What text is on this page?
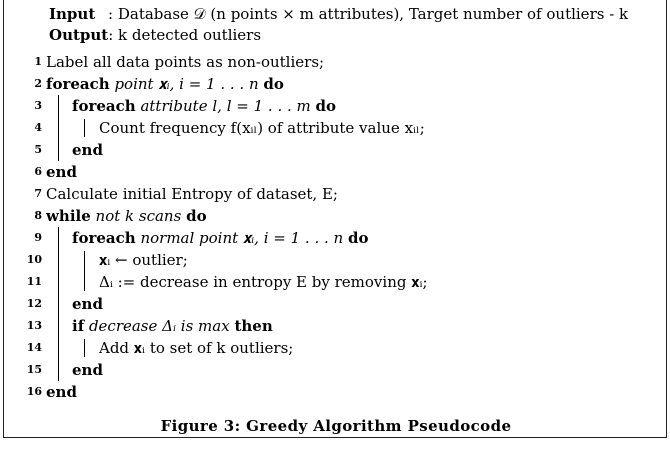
Input : Database 𝒟 (n points × m attributes), Target number of outliers - k
Output: k detected outliers
1 Label all data points as non-outliers;
2 foreach point 𝐱ᵢ, i = 1 . . . n do
3 foreach attribute l, l = 1 . . . m do
4	Count frequency f(xᵢₗ) of attribute value xᵢₗ;
5 end
6 end
7 Calculate initial Entropy of dataset, E;
8 while not k scans do
9 foreach normal point 𝐱ᵢ, i = 1 . . . n do
10	𝐱ᵢ ← outlier;
11	Δᵢ := decrease in entropy E by removing 𝐱ᵢ;
12 end
13 if decrease Δᵢ is max then
14	Add 𝐱ᵢ to set of k outliers;
15 end
16 end
Figure 3: Greedy Algorithm Pseudocode
